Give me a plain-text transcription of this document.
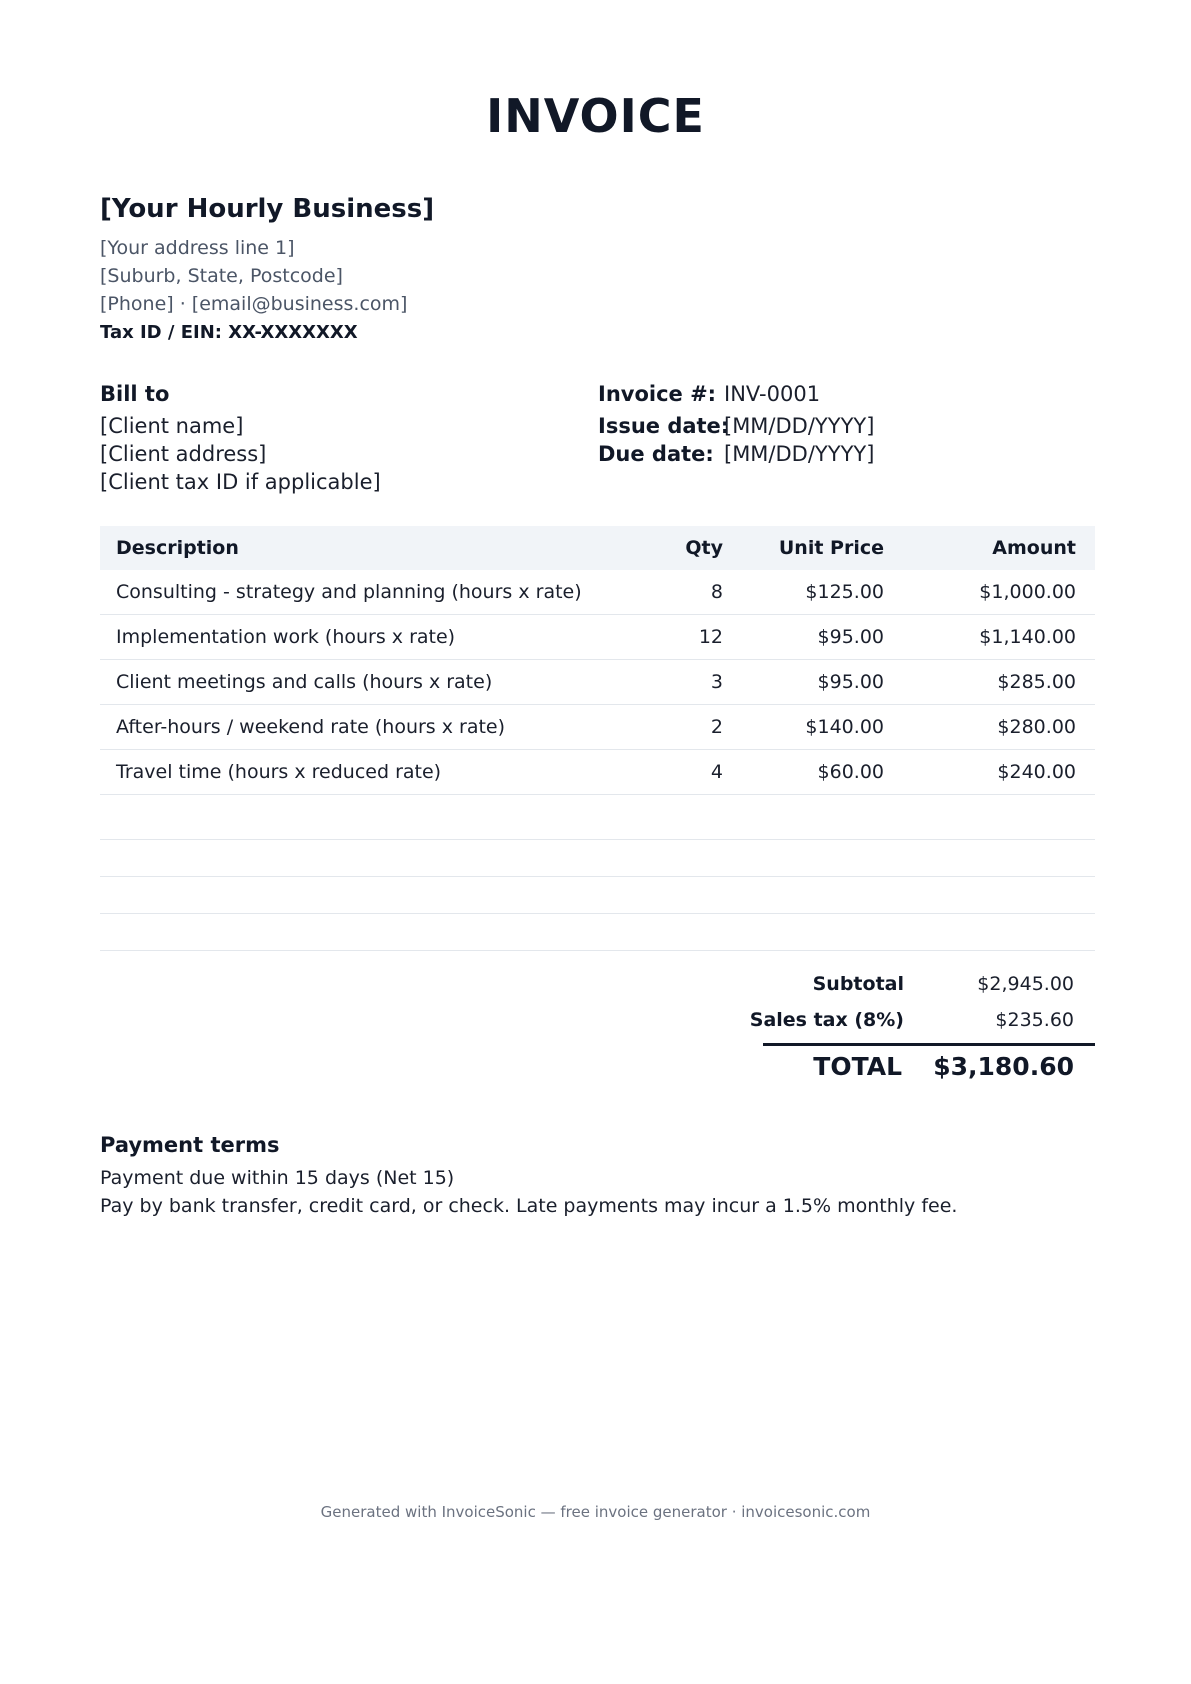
INVOICE
[Your Hourly Business]
[Your address line 1]
[Suburb, State, Postcode]
[Phone] · [email@business.com]
Tax ID / EIN: XX-XXXXXXX
Bill to
[Client name]
[Client address]
[Client tax ID if applicable]
Invoice #: INV-0001
Issue date:
[MM/DD/YYYY]
Due date: [MM/DD/YYYY]
Description	Qty	Unit Price	Amount
Consulting - strategy and planning (hours x rate)	8	$125.00	$1,000.00
Implementation work (hours x rate)	12	$95.00	$1,140.00
Client meetings and calls (hours x rate)	3	$95.00	$285.00
After-hours / weekend rate (hours x rate)	2	$140.00	$280.00
Travel time (hours x reduced rate)	4	$60.00	$240.00
Subtotal	$2,945.00
Sales tax (8%)	$235.60
TOTAL $3,180.60
Payment terms
Payment due within 15 days (Net 15)
Pay by bank transfer, credit card, or check. Late payments may incur a 1.5% monthly fee.
Generated with InvoiceSonic — free invoice generator · invoicesonic.com
